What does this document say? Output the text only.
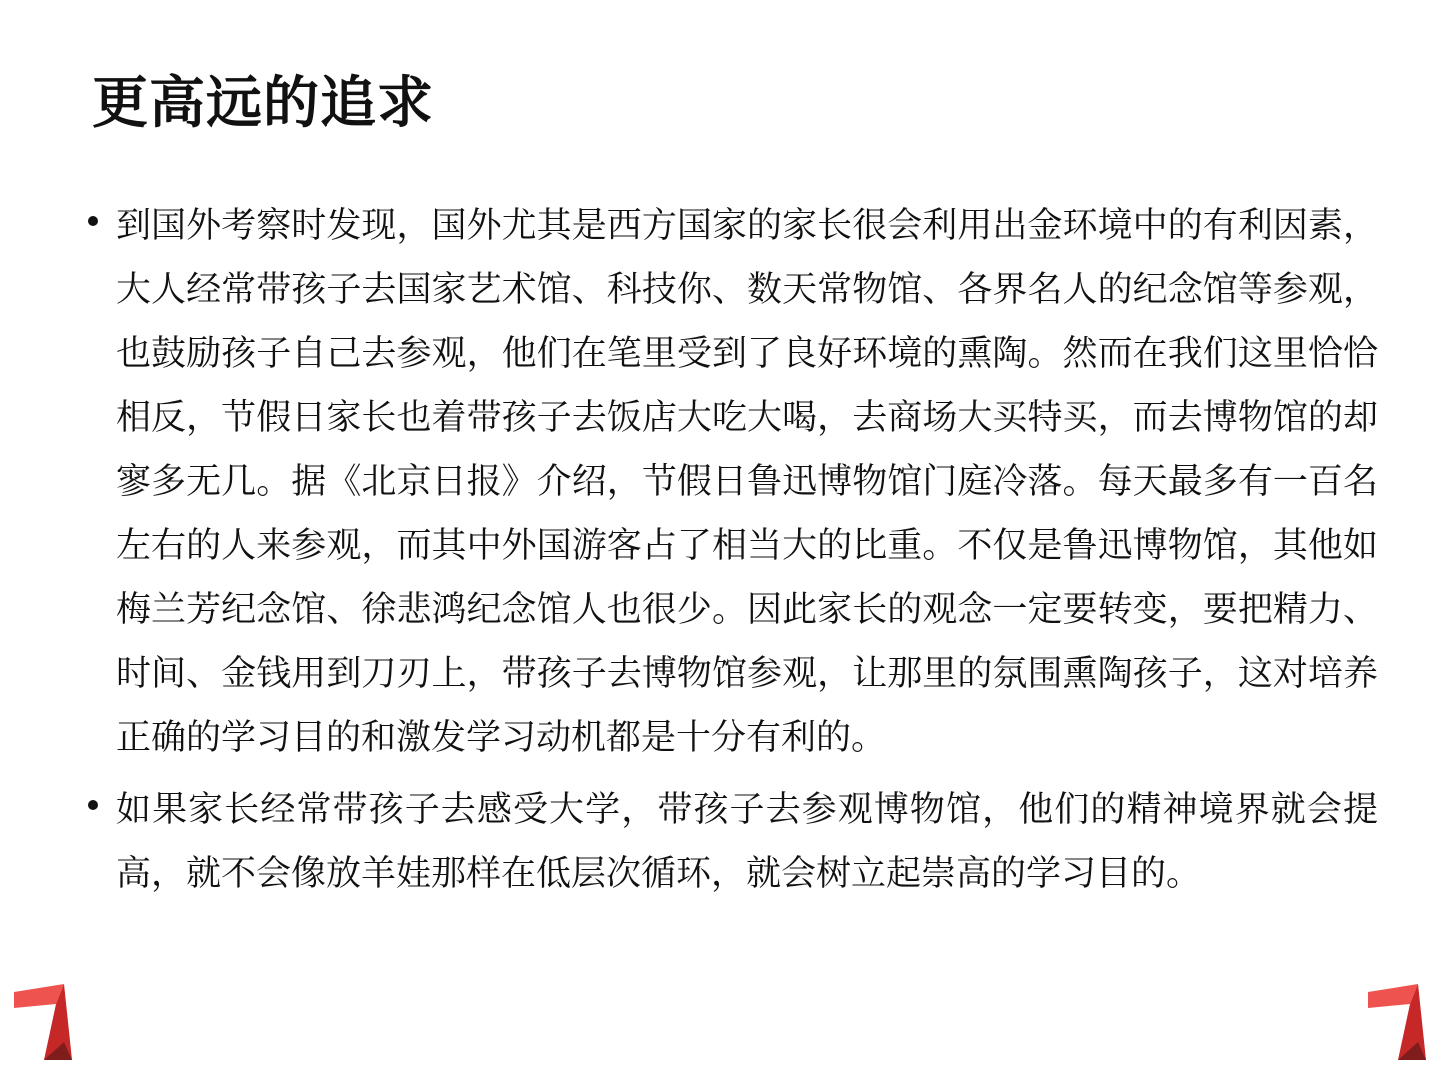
更高远的追求

到国外考察时发现，国外尤其是西方国家的家长很会利用出金环境中的有利因素，大人经常带孩子去国家艺术馆、科技你、数天常物馆、各界名人的纪念馆等参观，也鼓励孩子自己去参观，他们在笔里受到了良好环境的熏陶。然而在我们这里恰恰相反，节假日家长也着带孩子去饭店大吃大喝，去商场大买特买，而去博物馆的却寥多无几。据《北京日报》介绍，节假日鲁迅博物馆门庭冷落。每天最多有一百名左右的人来参观，而其中外国游客占了相当大的比重。不仅是鲁迅博物馆，其他如梅兰芳纪念馆、徐悲鸿纪念馆人也很少。因此家长的观念一定要转变，要把精力、时间、金钱用到刀刃上，带孩子去博物馆参观，让那里的氛围熏陶孩子，这对培养正确的学习目的和激发学习动机都是十分有利的。

如果家长经常带孩子去感受大学，带孩子去参观博物馆，他们的精神境界就会提高，就不会像放羊娃那样在低层次循环，就会树立起崇高的学习目的。
